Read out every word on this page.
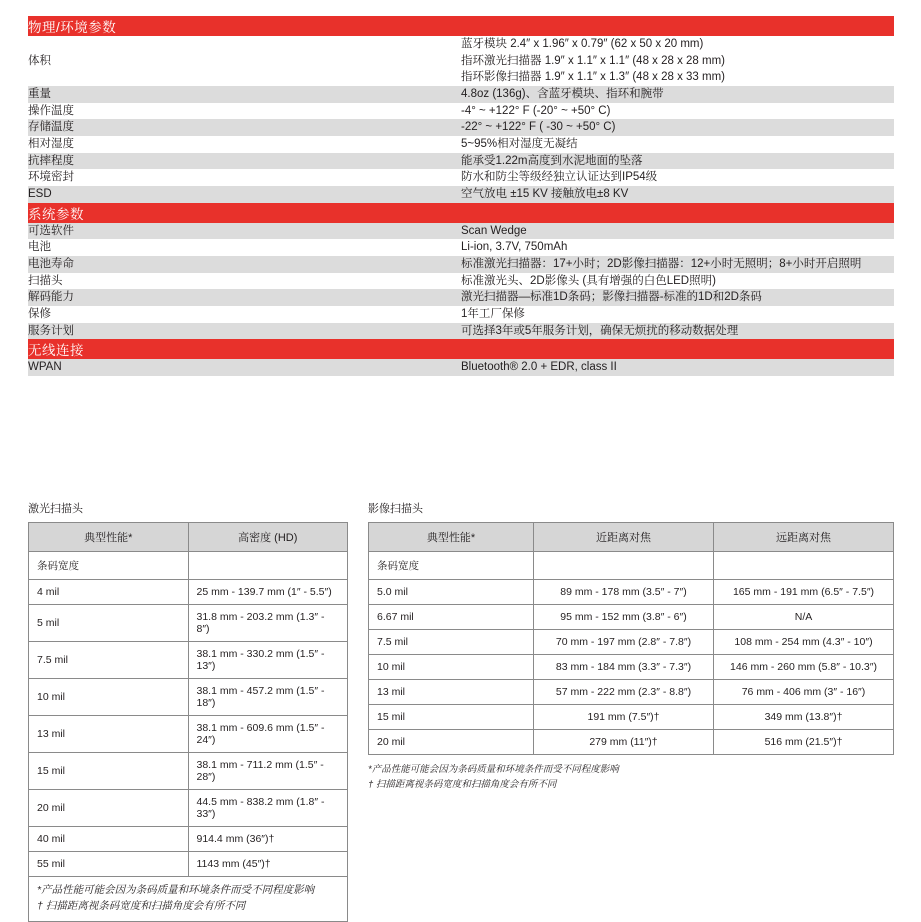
物理/环境参数	
体积	蓝牙模块 2.4″ x 1.96″ x 0.79″ (62 x 50 x 20 mm)
指环激光扫描器 1.9″ x 1.1″ x 1.1″ (48 x 28 x 28 mm)
指环影像扫描器 1.9″ x 1.1″ x 1.3″ (48 x 28 x 33 mm)

重量	4.8oz (136g)、含蓝牙模块、指环和腕带
操作温度	-4° ~ +122° F (-20° ~ +50° C)
存储温度	-22° ~ +122° F ( -30 ~ +50° C)
相对湿度	5~95%相对湿度无凝结
抗摔程度	能承受1.22m高度到水泥地面的坠落
环境密封	防水和防尘等级经独立认证达到IP54级
ESD	空气放电 ±15 KV 接触放电±8 KV
系统参数	
可选软件	Scan Wedge
电池	Li-ion, 3.7V, 750mAh
电池寿命	标准激光扫描器：17+小时；2D影像扫描器：12+小时无照明；8+小时开启照明
扫描头	标准激光头、2D影像头 (具有增强的白色LED照明)
解码能力	激光扫描器—标准1D条码；影像扫描器-标准的1D和2D条码
保修	1年工厂保修
服务计划	可选择3年或5年服务计划，确保无烦扰的移动数据处理
无线连接	
WPAN	Bluetooth® 2.0 + EDR, class II
激光扫描头
典型性能*	高密度 (HD)
条码宽度	
4 mil	25 mm - 139.7 mm (1″ - 5.5″)
5 mil	31.8 mm - 203.2 mm (1.3″ - 8″)
7.5 mil	38.1 mm - 330.2 mm (1.5″ - 13″)
10 mil	38.1 mm - 457.2 mm (1.5″ - 18″)
13 mil	38.1 mm - 609.6 mm (1.5″ - 24″)
15 mil	38.1 mm - 711.2 mm (1.5″ - 28″)
20 mil	44.5 mm - 838.2 mm (1.8″ - 33″)
40 mil	914.4 mm (36″)†
55 mil	1143 mm (45″)†

*产品性能可能会因为条码质量和环境条件而受不同程度影响
† 扫描距离视条码宽度和扫描角度会有所不同	
影像扫描头
典型性能*	近距离对焦	远距离对焦
条码宽度		
5.0 mil	89 mm - 178 mm (3.5″ - 7″)	165 mm - 191 mm (6.5″ - 7.5″)
6.67 mil	95 mm - 152 mm (3.8″ - 6″)	N/A
7.5 mil	70 mm - 197 mm (2.8″ - 7.8″)	108 mm - 254 mm (4.3″ - 10″)
10 mil	83 mm - 184 mm (3.3″ - 7.3″)	146 mm - 260 mm (5.8″ - 10.3″)
13 mil	57 mm - 222 mm (2.3″ - 8.8″)	76 mm - 406 mm (3″ - 16″)
15 mil	191 mm (7.5″)†	349 mm (13.8″)†
20 mil	279 mm (11″)†	516 mm (21.5″)†
*产品性能可能会因为条码质量和环境条件而受不同程度影响
† 扫描距离视条码宽度和扫描角度会有所不同
